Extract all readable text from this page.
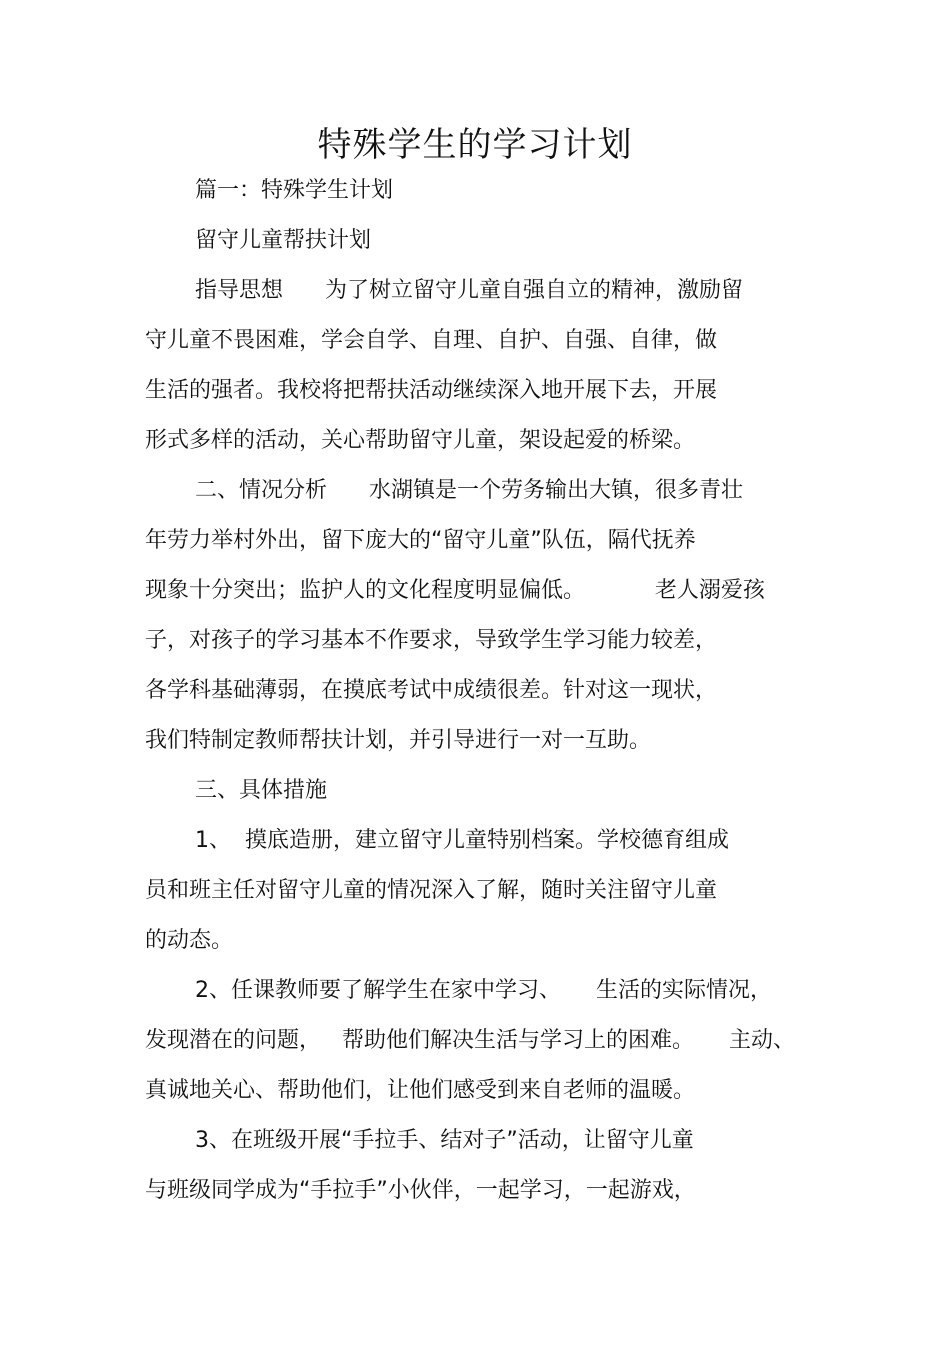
特殊学生的学习计划
篇一：特殊学生计划
留守儿童帮扶计划
指导思想      为了树立留守儿童自强自立的精神，激励留
守儿童不畏困难，学会自学、自理、自护、自强、自律，做
生活的强者。我校将把帮扶活动继续深入地开展下去，开展
形式多样的活动，关心帮助留守儿童，架设起爱的桥梁。
二、情况分析      水湖镇是一个劳务输出大镇，很多青壮
年劳力举村外出，留下庞大的“留守儿童”队伍，隔代抚养
现象十分突出；监护人的文化程度明显偏低。          老人溺爱孩
子，对孩子的学习基本不作要求，导致学生学习能力较差，
各学科基础薄弱，在摸底考试中成绩很差。针对这一现状，
我们特制定教师帮扶计划，并引导进行一对一互助。
三、具体措施
1、  摸底造册，建立留守儿童特别档案。学校德育组成
员和班主任对留守儿童的情况深入了解，随时关注留守儿童
的动态。
2、任课教师要了解学生在家中学习、     生活的实际情况，
发现潜在的问题，   帮助他们解决生活与学习上的困难。     主动、
真诚地关心、帮助他们，让他们感受到来自老师的温暖。
3、在班级开展“手拉手、结对子”活动，让留守儿童
与班级同学成为“手拉手”小伙伴，一起学习，一起游戏，
